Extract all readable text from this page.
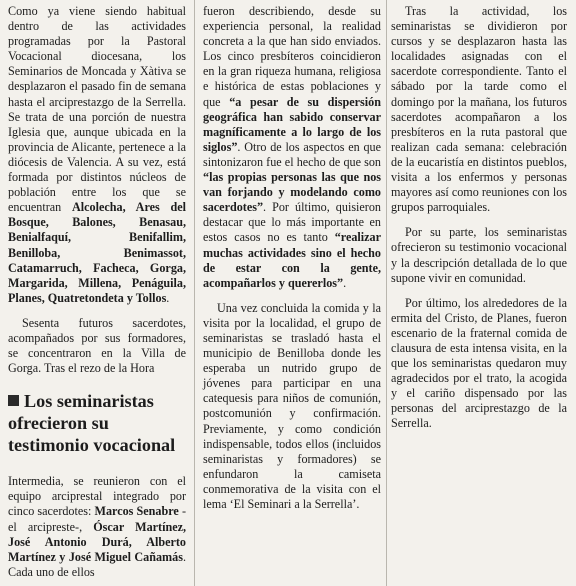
Como ya viene siendo habitual dentro de las actividades programadas por la Pastoral Vocacional diocesana, los Seminarios de Moncada y Xàtiva se desplazaron el pasado fin de semana hasta el arciprestazgo de la Serrella. Se trata de una porción de nuestra Iglesia que, aunque ubicada en la provincia de Alicante, pertenece a la diócesis de Valencia. A su vez, está formada por distintos núcleos de población entre los que se encuentran Alcolecha, Ares del Bosque, Balones, Benasau, Benialfaquí, Benifallim, Benilloba, Benimassot, Catamarruch, Facheca, Gorga, Margarida, Millena, Penáguila, Planes, Quatretondeta y Tollos.

Sesenta futuros sacerdotes, acompañados por sus formadores, se concentraron en la Villa de Gorga. Tras el rezo de la Hora

Los seminaristas ofrecieron su testimonio vocacional

Intermedia, se reunieron con el equipo arciprestal integrado por cinco sacerdotes: Marcos Senabre -el arcipreste-, Óscar Martínez, José Antonio Durá, Alberto Martínez y José Miguel Cañamás. Cada uno de ellos

fueron describiendo, desde su experiencia personal, la realidad concreta a la que han sido enviados. Los cinco presbíteros coincidieron en la gran riqueza humana, religiosa e histórica de estas poblaciones y que “a pesar de su dispersión geográfica han sabido conservar magníficamente a lo largo de los siglos”. Otro de los aspectos en que sintonizaron fue el hecho de que son “las propias personas las que nos van forjando y modelando como sacerdotes”. Por último, quisieron destacar que lo más importante en estos casos no es tanto “realizar muchas actividades sino el hecho de estar con la gente, acompañarlos y quererlos”.

Una vez concluida la comida y la visita por la localidad, el grupo de seminaristas se trasladó hasta el municipio de Benilloba donde les esperaba un nutrido grupo de jóvenes para participar en una catequesis para niños de comunión, postcomunión y confirmación. Previamente, y como condición indispensable, todos ellos (incluidos seminaristas y formadores) se enfundaron la camiseta conmemorativa de la visita con el lema ‘El Seminari a la Serrella’.

Tras la actividad, los seminaristas se dividieron por cursos y se desplazaron hasta las localidades asignadas con el sacerdote correspondiente. Tanto el sábado por la tarde como el domingo por la mañana, los futuros sacerdotes acompañaron a los presbíteros en la ruta pastoral que realizan cada semana: celebración de la eucaristía en distintos pueblos, visita a los enfermos y personas mayores así como reuniones con los grupos parroquiales.

Por su parte, los seminaristas ofrecieron su testimonio vocacional y la descripción detallada de lo que supone vivir en comunidad.

Por último, los alrededores de la ermita del Cristo, de Planes, fueron escenario de la fraternal comida de clausura de esta intensa visita, en la que los seminaristas quedaron muy agradecidos por el trato, la acogida y el cariño dispensado por las personas del arciprestazgo de la Serrella.
